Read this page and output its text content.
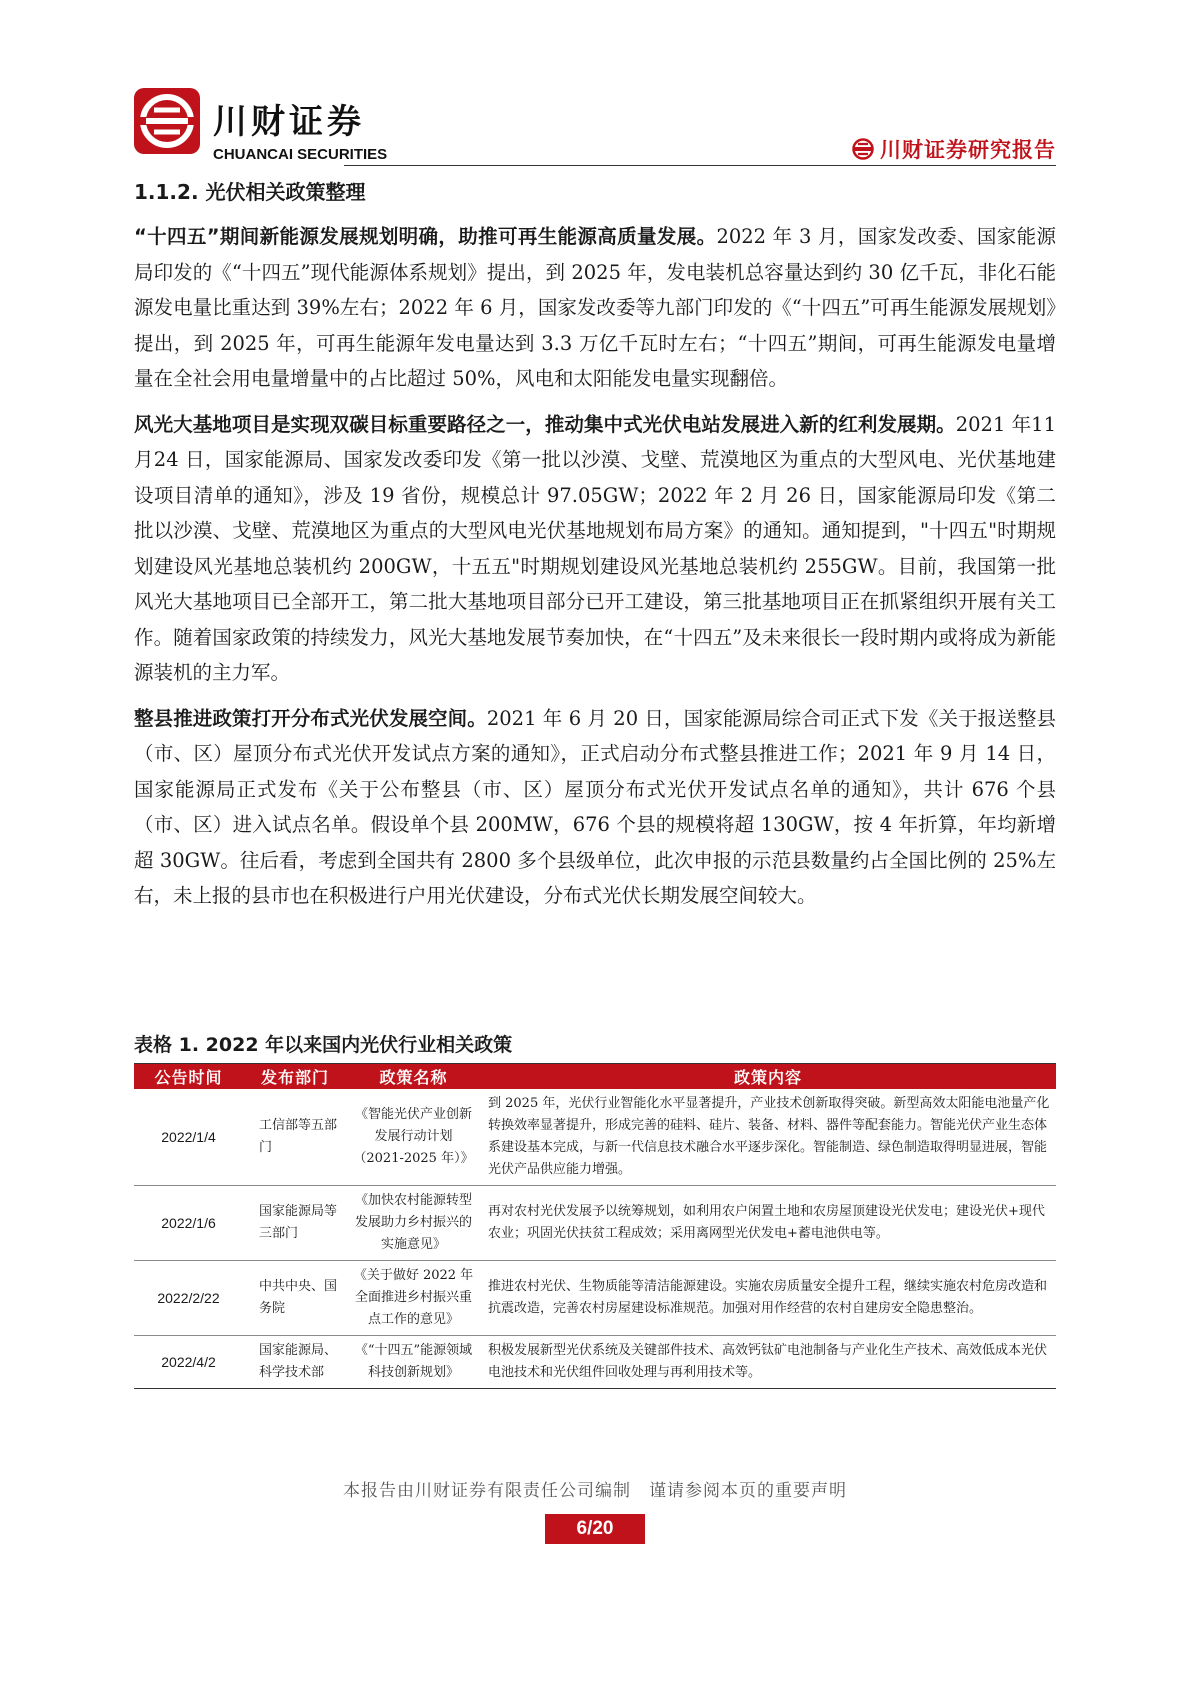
川财证券
CHUANCAI SECURITIES	川财证券研究报告
1.1.2. 光伏相关政策整理

“十四五”期间新能源发展规划明确，助推可再生能源高质量发展。2022 年 3 月，国家发改委、国家能源局印发的《“十四五”现代能源体系规划》提出，到 2025 年，发电装机总容量达到约 30 亿千瓦，非化石能源发电量比重达到 39%左右；2022 年 6 月，国家发改委等九部门印发的《“十四五”可再生能源发展规划》提出，到 2025 年，可再生能源年发电量达到 3.3 万亿千瓦时左右；“十四五”期间，可再生能源发电量增量在全社会用电量增量中的占比超过 50%，风电和太阳能发电量实现翻倍。

风光大基地项目是实现双碳目标重要路径之一，推动集中式光伏电站发展进入新的红利发展期。2021 年11 月24 日，国家能源局、国家发改委印发《第一批以沙漠、戈壁、荒漠地区为重点的大型风电、光伏基地建设项目清单的通知》，涉及 19 省份，规模总计 97.05GW；2022 年 2 月 26 日，国家能源局印发《第二批以沙漠、戈壁、荒漠地区为重点的大型风电光伏基地规划布局方案》的通知。通知提到，"十四五"时期规划建设风光基地总装机约 200GW，十五五"时期规划建设风光基地总装机约 255GW。目前，我国第一批风光大基地项目已全部开工，第二批大基地项目部分已开工建设，第三批基地项目正在抓紧组织开展有关工作。随着国家政策的持续发力，风光大基地发展节奏加快，在“十四五”及未来很长一段时期内或将成为新能源装机的主力军。

整县推进政策打开分布式光伏发展空间。2021 年 6 月 20 日，国家能源局综合司正式下发《关于报送整县（市、区）屋顶分布式光伏开发试点方案的通知》，正式启动分布式整县推进工作；2021 年 9 月 14 日，国家能源局正式发布《关于公布整县（市、区）屋顶分布式光伏开发试点名单的通知》，共计 676 个县（市、区）进入试点名单。假设单个县 200MW，676 个县的规模将超 130GW，按 4 年折算，年均新增超 30GW。往后看，考虑到全国共有 2800 多个县级单位，此次申报的示范县数量约占全国比例的 25%左右，未上报的县市也在积极进行户用光伏建设，分布式光伏长期发展空间较大。

表格 1. 2022 年以来国内光伏行业相关政策
公告时间	发布部门	政策名称	政策内容
2022/1/4	工信部等五部门	《智能光伏产业创新发展行动计划（2021-2025 年）》	到 2025 年，光伏行业智能化水平显著提升，产业技术创新取得突破。新型高效太阳能电池量产化转换效率显著提升，形成完善的硅料、硅片、装备、材料、器件等配套能力。智能光伏产业生态体系建设基本完成，与新一代信息技术融合水平逐步深化。智能制造、绿色制造取得明显进展，智能光伏产品供应能力增强。
2022/1/6	国家能源局等三部门	《加快农村能源转型发展助力乡村振兴的实施意见》	再对农村光伏发展予以统筹规划，如利用农户闲置土地和农房屋顶建设光伏发电；建设光伏+现代农业；巩固光伏扶贫工程成效；采用离网型光伏发电+蓄电池供电等。
2022/2/22	中共中央、国务院	《关于做好 2022 年全面推进乡村振兴重点工作的意见》	推进农村光伏、生物质能等清洁能源建设。实施农房质量安全提升工程，继续实施农村危房改造和抗震改造，完善农村房屋建设标准规范。加强对用作经营的农村自建房安全隐患整治。
2022/4/2	国家能源局、科学技术部	《“十四五”能源领域科技创新规划》	积极发展新型光伏系统及关键部件技术、高效钙钛矿电池制备与产业化生产技术、高效低成本光伏电池技术和光伏组件回收处理与再利用技术等。
本报告由川财证券有限责任公司编制　谨请参阅本页的重要声明
6/20
